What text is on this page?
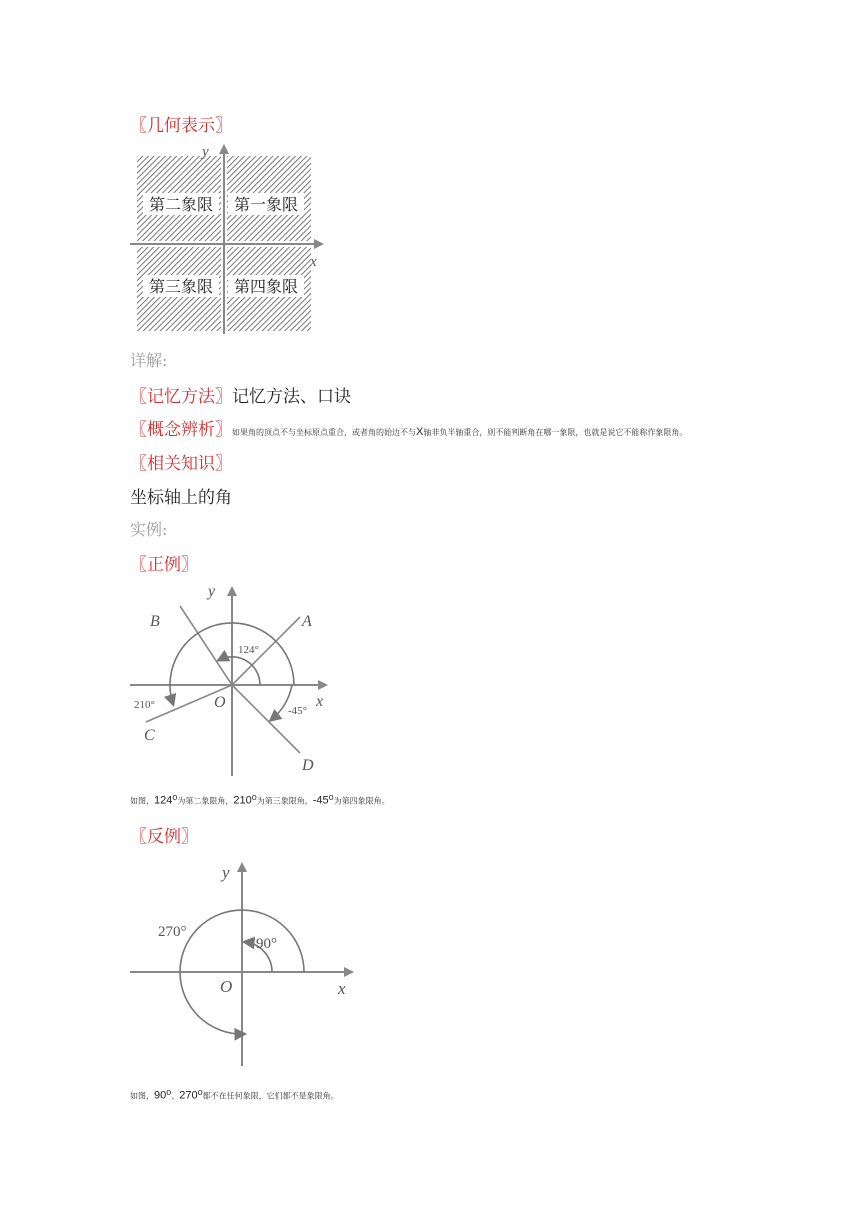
〖几何表示〗
第二象限 第一象限
第三象限 第四象限
y
x
详解:
〖记忆方法〗记忆方法、口诀
〖概念辨析〗如果角的顶点不与坐标原点重合，或者角的始边不与X轴非负半轴重合，则不能判断角在哪一象限，也就是说它不能称作象限角。
〖相关知识〗
坐标轴上的角
实例:
〖正例〗
y
x
O
A
B
C
D
124°
210°	-45°
如图，124$^o$为第二象限角，210$^o$为第三象限角，-45$^o$为第四象限角。
〖反例〗
y
x
O
270°
90°
如图，90$^o$、270$^o$都不在任何象限，它们都不是象限角。
